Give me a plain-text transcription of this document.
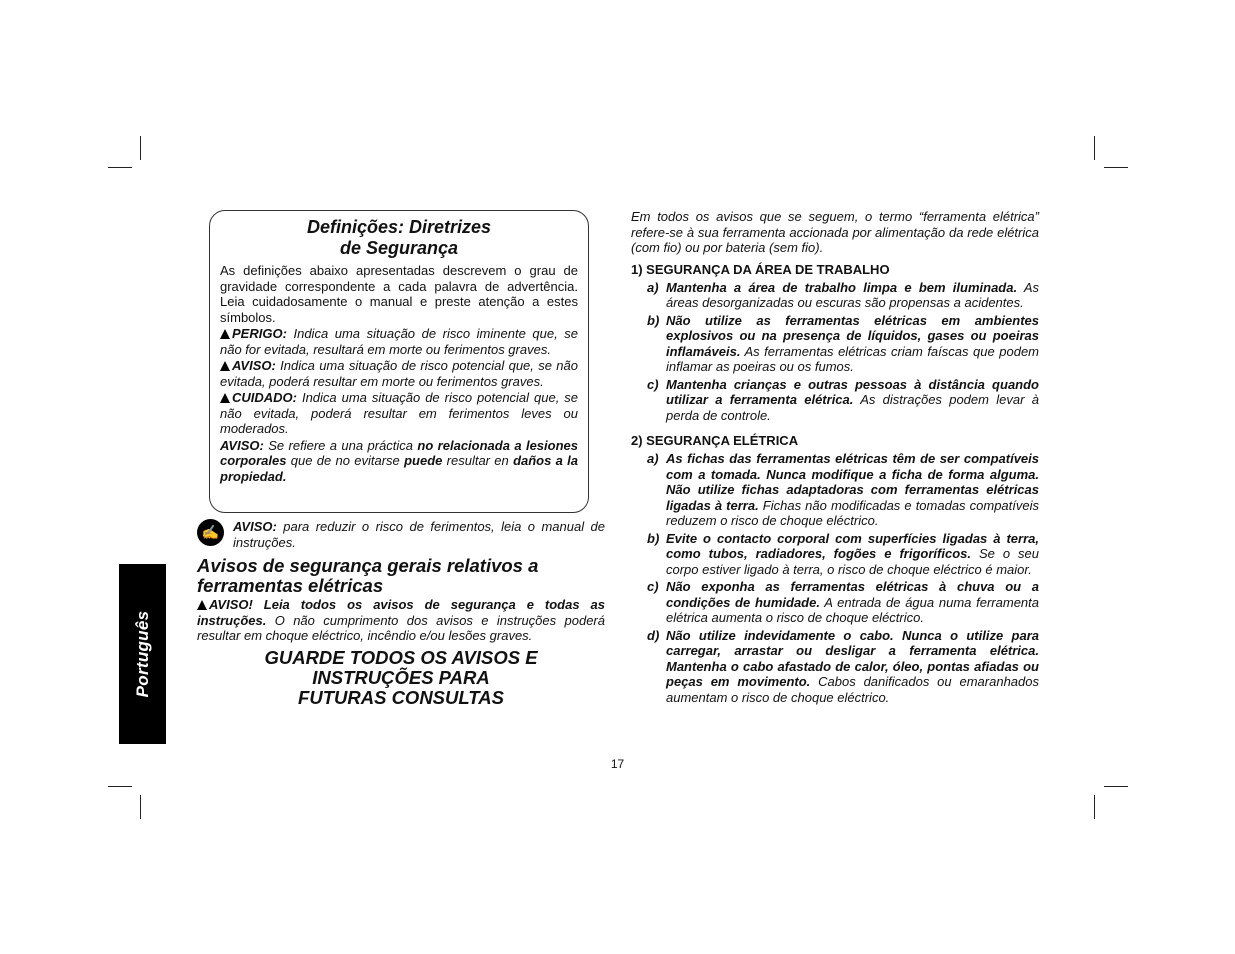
Português
Definições: Diretrizes
de Segurança

As definições abaixo apresentadas descrevem o grau de gravidade correspondente a cada palavra de advertência. Leia cuidadosamente o manual e preste atenção a estes símbolos.

PERIGO: Indica uma situação de risco iminente que, se não for evitada, resultará em morte ou ferimentos graves.

AVISO: Indica uma situação de risco potencial que, se não evitada, poderá resultar em morte ou ferimentos graves.

CUIDADO: Indica uma situação de risco potencial que, se não evitada, poderá resultar em ferimentos leves ou moderados.

AVISO: Se refiere a una práctica no relacionada a lesiones corporales que de no evitarse puede resultar en daños a la propiedad.

✍	AVISO: para reduzir o risco de ferimentos, leia o manual de instruções.

Avisos de segurança gerais relativos a ferramentas elétricas

AVISO! Leia todos os avisos de segurança e todas as instruções. O não cumprimento dos avisos e instruções poderá resultar em choque eléctrico, incêndio e/ou lesões graves.

GUARDE TODOS OS AVISOS E
INSTRUÇÕES PARA
FUTURAS CONSULTAS

Em todos os avisos que se seguem, o termo “ferramenta elétrica” refere-se à sua ferramenta accionada por alimentação da rede elétrica (com fio) ou por bateria (sem fio).

1) SEGURANÇA DA ÁREA DE TRABALHO
a) Mantenha a área de trabalho limpa e bem iluminada. As áreas desorganizadas ou escuras são propensas a acidentes.
b) Não utilize as ferramentas elétricas em ambientes explosivos ou na presença de líquidos, gases ou poeiras inflamáveis. As ferramentas elétricas criam faíscas que podem inflamar as poeiras ou os fumos.
c) Mantenha crianças e outras pessoas à distância quando utilizar a ferramenta elétrica. As distrações podem levar à perda de controle.
2) SEGURANÇA ELÉTRICA
a) As fichas das ferramentas elétricas têm de ser compatíveis com a tomada. Nunca modifique a ficha de forma alguma. Não utilize fichas adaptadoras com ferramentas elétricas ligadas à terra. Fichas não modificadas e tomadas compatíveis reduzem o risco de choque eléctrico.
b) Evite o contacto corporal com superfícies ligadas à terra, como tubos, radiadores, fogões e frigoríficos. Se o seu corpo estiver ligado à terra, o risco de choque eléctrico é maior.
c) Não exponha as ferramentas elétricas à chuva ou a condições de humidade. A entrada de água numa ferramenta elétrica aumenta o risco de choque eléctrico.
d) Não utilize indevidamente o cabo. Nunca o utilize para carregar, arrastar ou desligar a ferramenta elétrica. Mantenha o cabo afastado de calor, óleo, pontas afiadas ou peças em movimento. Cabos danificados ou emaranhados aumentam o risco de choque eléctrico.
17
